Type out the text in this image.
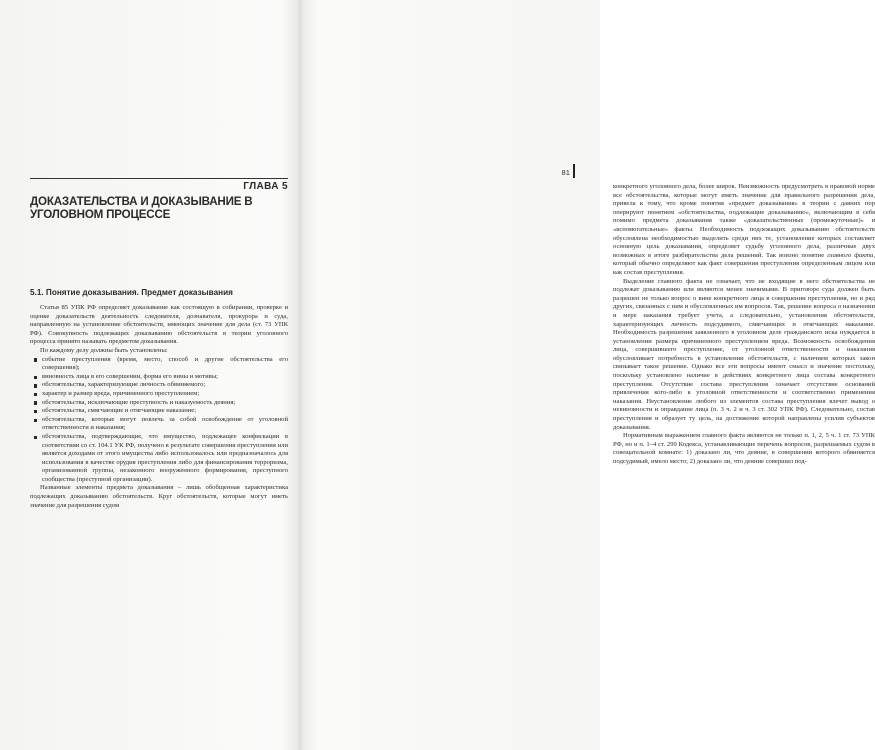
ГЛАВА 5
ДОКАЗАТЕЛЬСТВА И ДОКАЗЫВАНИЕ В УГОЛОВНОМ ПРОЦЕССЕ
5.1. Понятие доказывания. Предмет доказывания

Статья 85 УПК РФ определяет доказывание как состоящую в собирании, проверке и оценке доказательств деятельность следователя, дознавателя, прокурора и суда, направленную на установление обстоятельств, имеющих значение для дела (ст. 73 УПК РФ). Совокупность подлежащих доказыванию обстоятельств в теории уголовного процесса принято называть предметом доказывания.

По каждому делу должны быть установлены:

событие преступления (время, место, способ и другие обстоятельства его совершения);
виновность лица в его совершении, форма его вины и мотивы;
обстоятельства, характеризующие личность обвиняемого;
характер и размер вреда, причиненного преступлением;
обстоятельства, исключающие преступность и наказуемость деяния;
обстоятельства, смягчающие и отягчающие наказание;
обстоятельства, которые могут повлечь за собой освобождение от уголовной ответственности и наказания;
обстоятельства, подтверждающие, что имущество, подлежащее конфискации в соответствии со ст. 104.1 УК РФ, получено в результате совершения преступления или является доходами от этого имущества либо использовалось или предназначалось для использования в качестве орудия преступления либо для финансирования терроризма, организованной группы, незаконного вооруженного формирования, преступного сообщества (преступной организации).

Названные элементы предмета доказывания – лишь обобщенная характеристика подлежащих доказыванию обстоятельств. Круг обстоятельств, которые могут иметь значение для разрешения судом

81

конкретного уголовного дела, более широк. Неизможность предусмотреть в правовой норме все обстоятельства, которые могут иметь значение для правильного разрешения дела, привела к тому, что кроме понятия «предмет доказывания» в теории с давних пор оперируют понятием «обстоятельства, подлежащие доказыванию», включающим в себя помимо предмета доказывания также «доказательственные (промежуточные)» и «вспомогательные» факты. Необходимость подлежащих доказыванию обстоятельств обусловлена необходимостью выделить среди них те, установление которых составляет основную цель доказывания, определяет судьбу уголовного дела, различные двух возможных в итоге разбирательства дела решений. Так воизно понятие главного факта, который обычно определяют как факт совершения преступления определенным лицом или как состав преступления.

Выделение главного факта не означает, что не входящие в него обстоятельства не подлежат доказыванию или являются менее значимыми. В приговоре суда должен быть разрешен не только вопрос о вине конкретного лица в совершении преступления, но и ряд других, связанных с ним и обусловленных им вопросов. Так, решение вопроса о назначении и мере наказания требует учета, а следовательно, установления обстоятельств, характеризующих личность подсудимого, смягчающих и отягчающих наказание. Необходимость разрешения заявленного в уголовном деле гражданского иска нуждается в установлении размера причиненного преступлением вреда. Возможность освобождения лица, совершившего преступление, от уголовной ответственности и наказания обусловливает потребность в установлении обстоятельств, с наличием которых закон связывает такое решение. Однако все эти вопросы имеют смысл и значение постольку, поскольку установлено наличие в действиях конкретного лица состава конкретного преступления. Отсутствие состава преступления означает отсутствие оснований привлечения кого-либо к уголовной ответственности и соответственно применения наказания. Неустановление любого из элементов состава преступления влечет вывод о невиновности и оправдание лица (п. 3 ч. 2 и ч. 3 ст. 302 УПК РФ). Следовательно, состав преступления и образует ту цель, на достижение которой направлены усилия субъектов доказывания.

Нормативным выражением главного факта являются не только п. 1, 2, 5 ч. 1 ст. 73 УПК РФ, но и п. 1–4 ст. 299 Кодекса, устанавливающие перечень вопросов, разрешаемых судом в совещательной комнате: 1) доказано ли, что деяние, в совершении которого обвиняется подсудимый, имело место; 2) доказано ли, что деяние совершил под-
